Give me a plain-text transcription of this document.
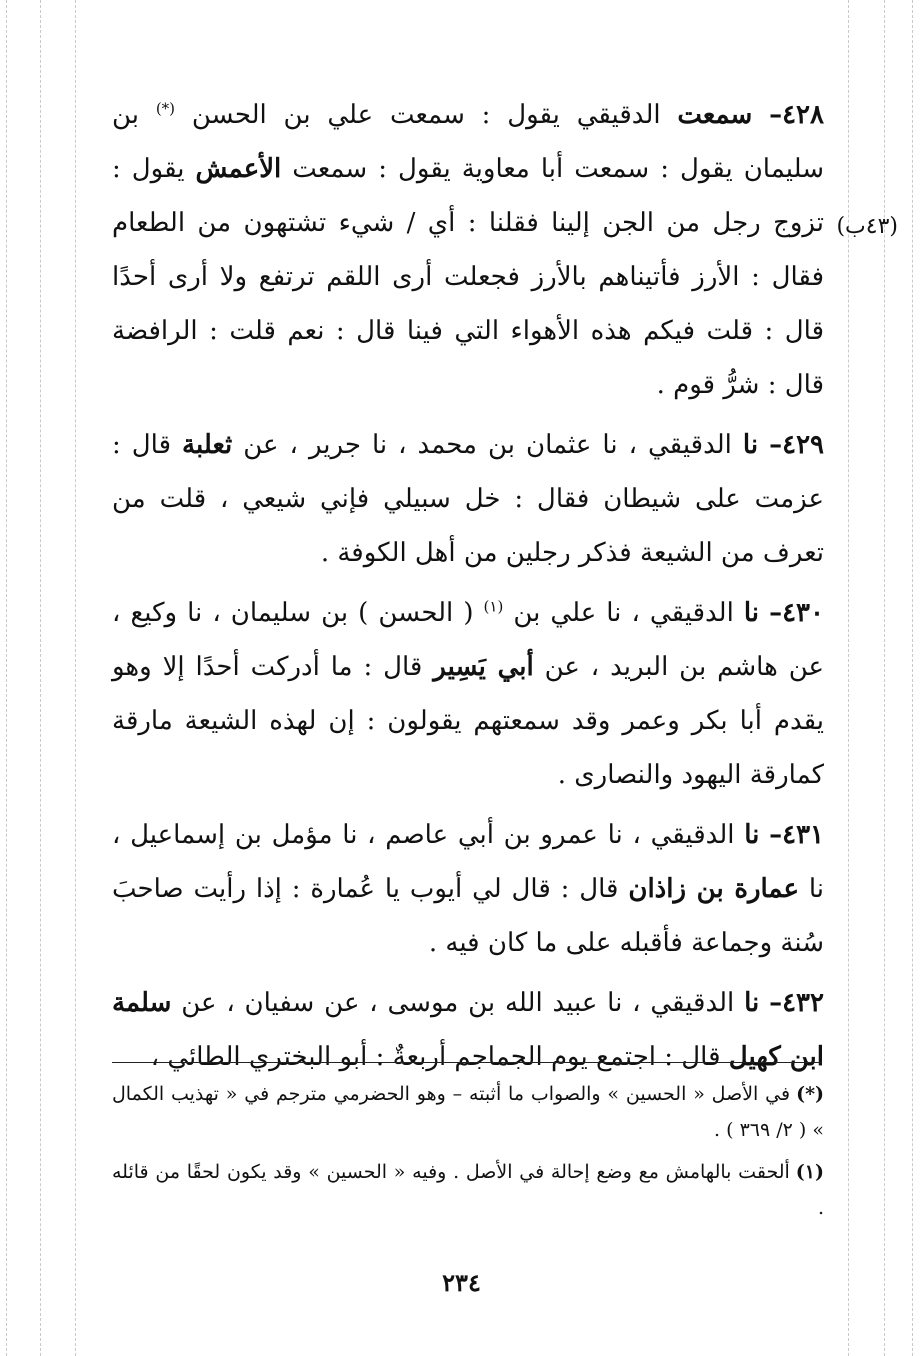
(٤٣ب)
٤٢٨– سمعت الدقيقي يقول : سمعت علي بن الحسن (*) بن سليمان يقول : سمعت أبا معاوية يقول : سمعت الأعمش يقول : تزوج رجل من الجن إلينا فقلنا : أي / شيء تشتهون من الطعام فقال : الأرز فأتيناهم بالأرز فجعلت أرى اللقم ترتفع ولا أرى أحدًا قال : قلت فيكم هذه الأهواء التي فينا قال : نعم قلت : الرافضة قال : شرُّ قوم .

٤٢٩– نا الدقيقي ، نا عثمان بن محمد ، نا جرير ، عن ثعلبة قال : عزمت على شيطان فقال : خل سبيلي فإني شيعي ، قلت من تعرف من الشيعة فذكر رجلين من أهل الكوفة .

٤٣٠– نا الدقيقي ، نا علي بن $^{(١)}$ ( الحسن ) بن سليمان ، نا وكيع ، عن هاشم بن البريد ، عن أبي يَسِير قال : ما أدركت أحدًا إلا وهو يقدم أبا بكر وعمر وقد سمعتهم يقولون : إن لهذه الشيعة مارقة كمارقة اليهود والنصارى .

٤٣١– نا الدقيقي ، نا عمرو بن أبي عاصم ، نا مؤمل بن إسماعيل ، نا عمارة بن زاذان قال : قال لي أيوب يا عُمارة : إذا رأيت صاحبَ سُنة وجماعة فأقبله على ما كان فيه .

٤٣٢– نا الدقيقي ، نا عبيد الله بن موسى ، عن سفيان ، عن سلمة ابن كهيل قال : اجتمع يوم الجماجم أربعةٌ : أبو البختري الطائي ،

(*)في الأصل « الحسين » والصواب ما أثبته – وهو الحضرمي مترجم في « تهذيب الكمال » ( ٢/ ٣٦٩ ) .

(١)ألحقت بالهامش مع وضع إحالة في الأصل . وفيه « الحسين » وقد يكون لحقًا من قائله .

٢٣٤
